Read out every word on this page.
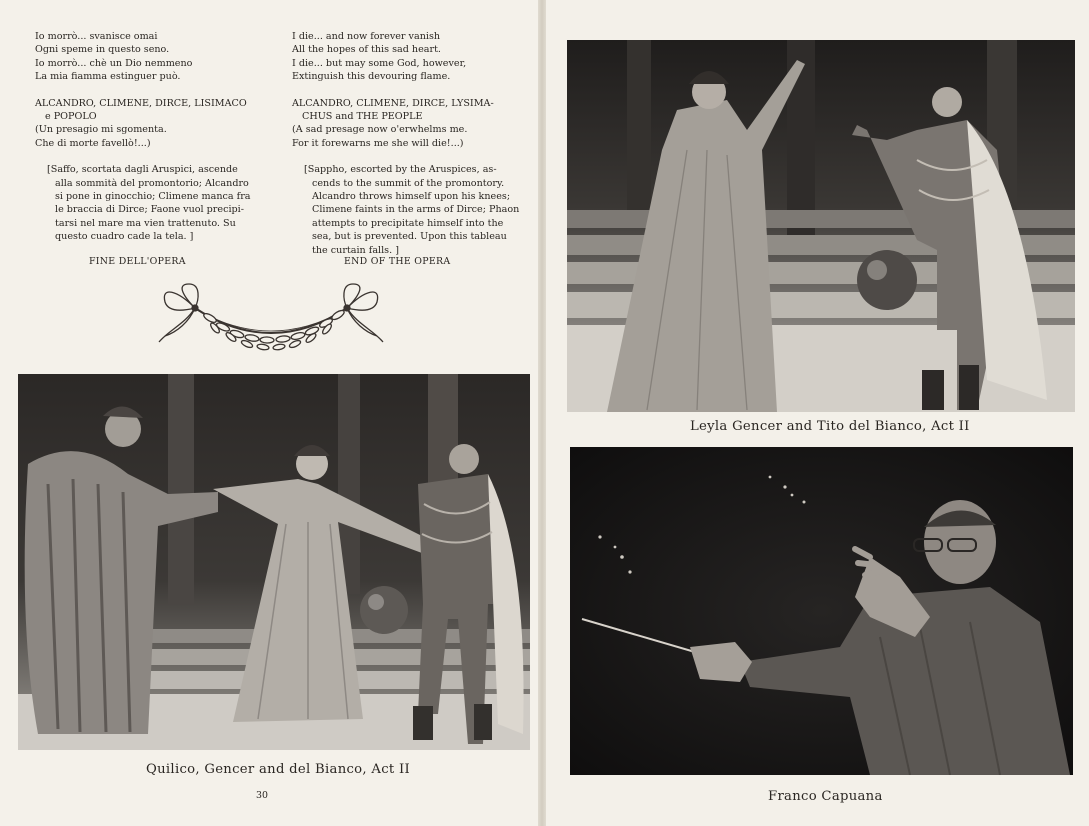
Io morrò... svanisce omai

Ogni speme in questo seno.

Io morrò... chè un Dio nemmeno

La mia fiamma estinguer può.

ALCANDRO, CLIMENE, DIRCE, LISIMACO

e POPOLO

(Un presagio mi sgomenta.

Che di morte favellò!...)

[Saffo, scortata dagli Aruspici, ascende

alla sommità del promontorio; Alcandro

si pone in ginocchio; Climene manca fra

le braccia di Dirce; Faone vuol precipi-

tarsi nel mare ma vien trattenuto. Su

questo cuadro cade la tela. ]

I die... and now forever vanish

All the hopes of this sad heart.

I die... but may some God, however,

Extinguish this devouring flame.

ALCANDRO, CLIMENE, DIRCE, LYSIMA-

CHUS and THE PEOPLE

(A sad presage now o'erwhelms me.

For it forewarns me she will die!...)

[Sappho, escorted by the Aruspices, as-

cends to the summit of the promontory.

Alcandro throws himself upon his knees;

Climene faints in the arms of Dirce; Phaon

attempts to precipitate himself into the

sea, but is prevented. Upon this tableau

the curtain falls. ]

FINE DELL'OPERA	END OF THE OPERA
Quilico, Gencer and del Bianco, Act II
Leyla Gencer and Tito del Bianco, Act II
Franco Capuana
30
